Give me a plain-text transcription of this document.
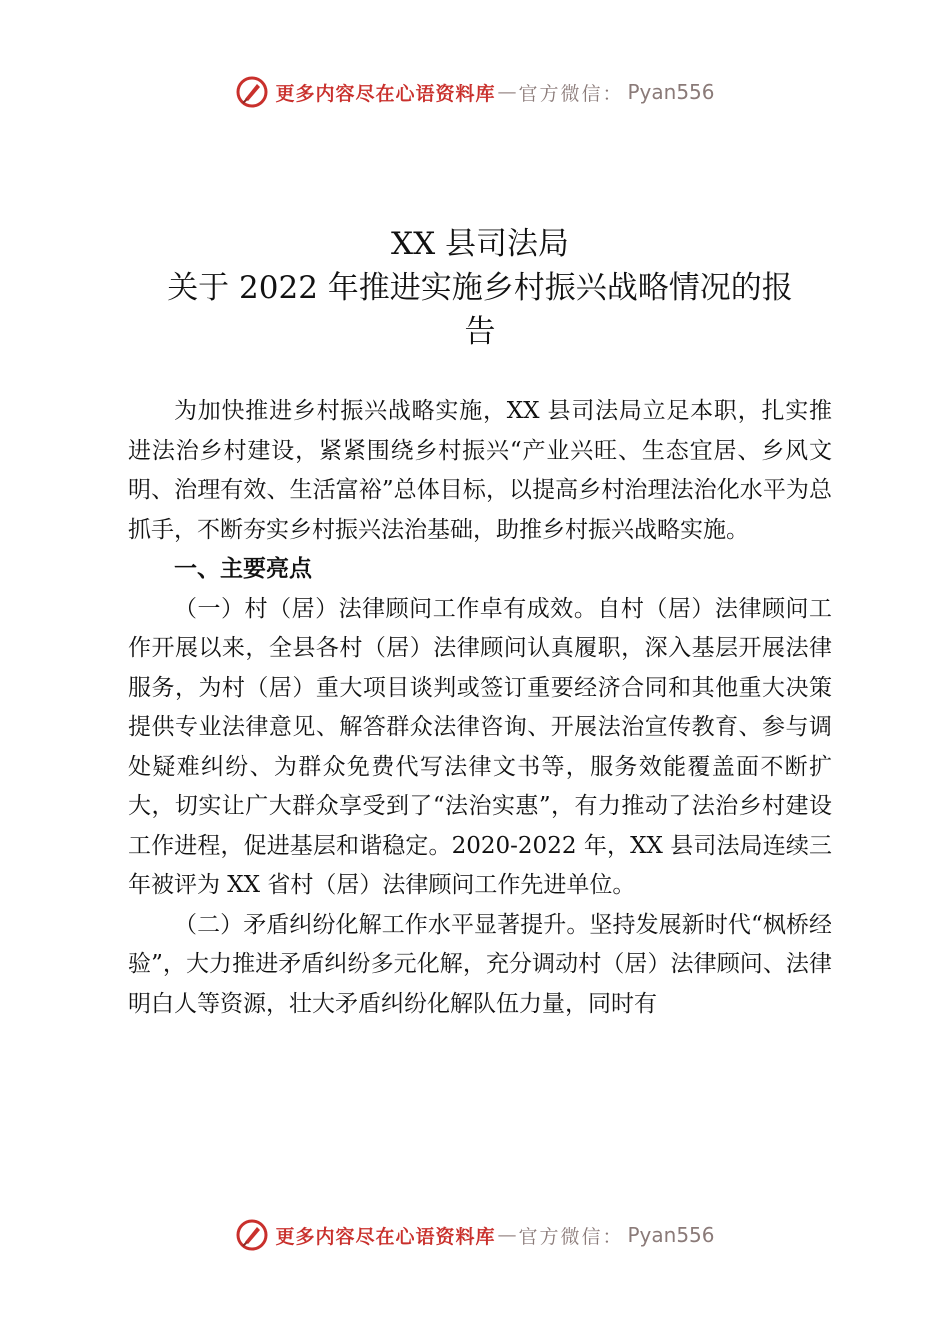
更多内容尽在心语资料库 — 官方微信： Pyan556
XX 县司法局
关于 2022 年推进实施乡村振兴战略情况的报
告

为加快推进乡村振兴战略实施，XX 县司法局立足本职，扎实推进法治乡村建设，紧紧围绕乡村振兴“产业兴旺、生态宜居、乡风文明、治理有效、生活富裕”总体目标，以提高乡村治理法治化水平为总抓手，不断夯实乡村振兴法治基础，助推乡村振兴战略实施。

一、主要亮点

（一）村（居）法律顾问工作卓有成效。自村（居）法律顾问工作开展以来，全县各村（居）法律顾问认真履职，深入基层开展法律服务，为村（居）重大项目谈判或签订重要经济合同和其他重大决策提供专业法律意见、解答群众法律咨询、开展法治宣传教育、参与调处疑难纠纷、为群众免费代写法律文书等，服务效能覆盖面不断扩大，切实让广大群众享受到了“法治实惠”，有力推动了法治乡村建设工作进程，促进基层和谐稳定。2020-2022 年，XX 县司法局连续三年被评为 XX 省村（居）法律顾问工作先进单位。

（二）矛盾纠纷化解工作水平显著提升。坚持发展新时代“枫桥经验”，大力推进矛盾纠纷多元化解，充分调动村（居）法律顾问、法律明白人等资源，壮大矛盾纠纷化解队伍力量，同时有

更多内容尽在心语资料库 — 官方微信： Pyan556
